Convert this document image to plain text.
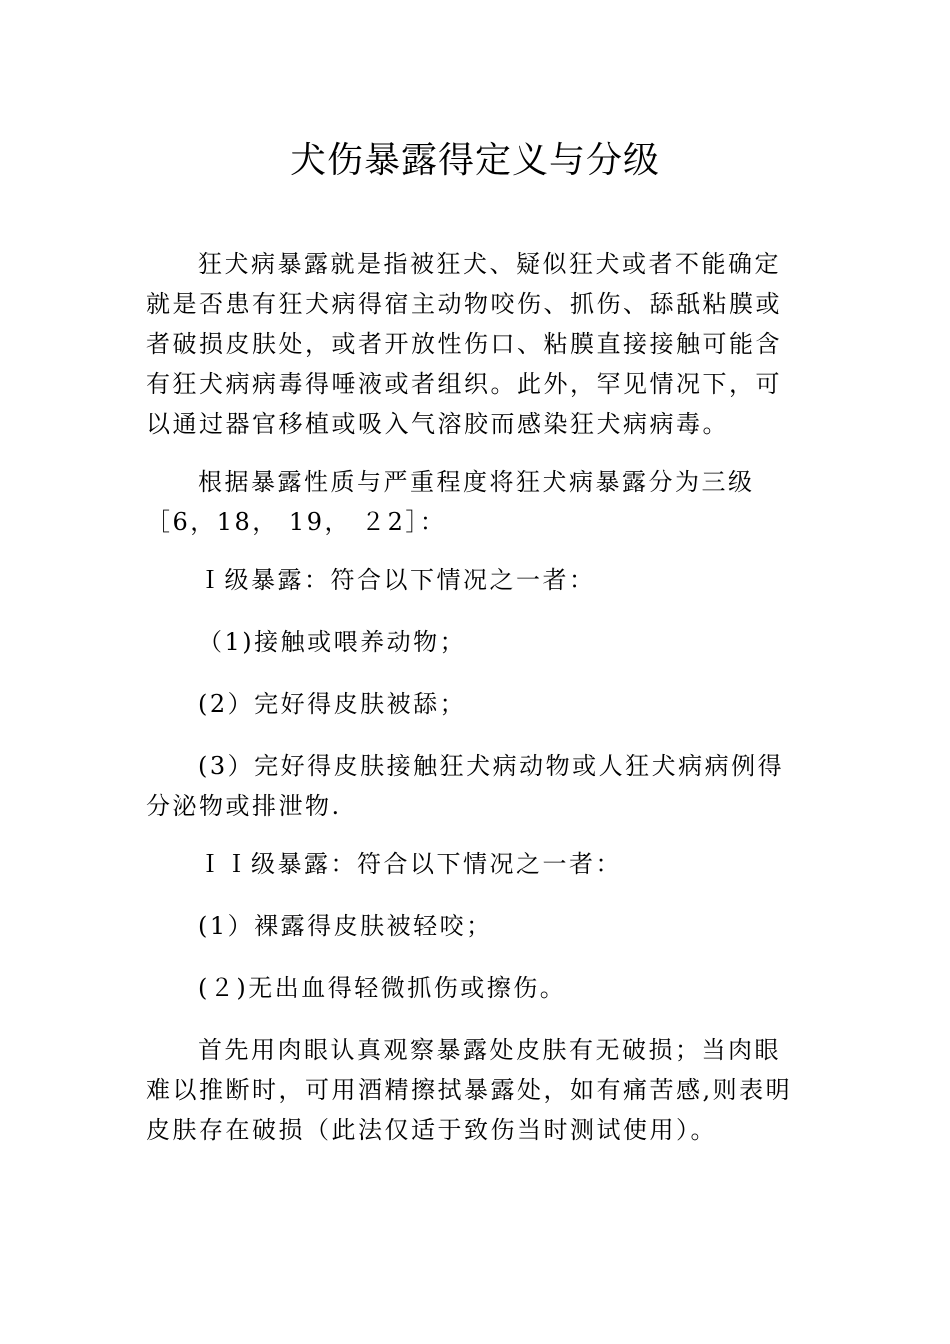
犬伤暴露得定义与分级

狂犬病暴露就是指被狂犬、疑似狂犬或者不能确定就是否患有狂犬病得宿主动物咬伤、抓伤、舔舐粘膜或者破损皮肤处，或者开放性伤口、粘膜直接接触可能含有狂犬病病毒得唾液或者组织。此外，罕见情况下，可以通过器官移植或吸入气溶胶而感染狂犬病病毒。

根据暴露性质与严重程度将狂犬病暴露分为三级［6，18， 19， ２2］：

Ｉ级暴露：符合以下情况之一者：

（1)接触或喂养动物；

(2）完好得皮肤被舔；

(3）完好得皮肤接触狂犬病动物或人狂犬病病例得分泌物或排泄物.

ＩＩ级暴露：符合以下情况之一者：

(1）裸露得皮肤被轻咬；

(２)无出血得轻微抓伤或擦伤。

首先用肉眼认真观察暴露处皮肤有无破损；当肉眼难以推断时，可用酒精擦拭暴露处，如有痛苦感,则表明皮肤存在破损（此法仅适于致伤当时测试使用）。
